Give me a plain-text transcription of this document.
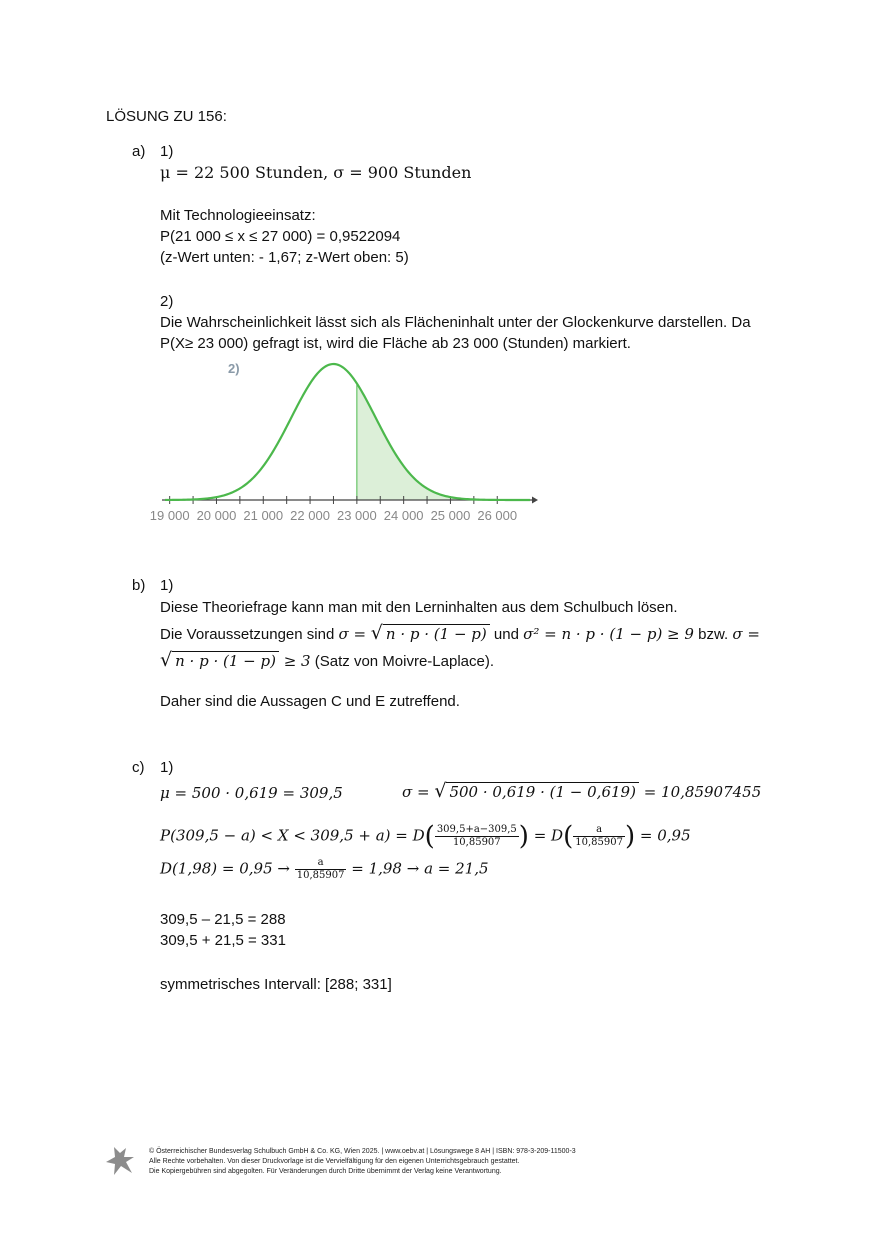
LÖSUNG ZU 156:
a) 1)
μ = 22 500 Stunden, σ = 900 Stunden
Mit Technologieeinsatz:
P(21 000 ≤ x ≤ 27 000) = 0,9522094
(z-Wert unten: - 1,67; z-Wert oben: 5)
2)
Die Wahrscheinlichkeit lässt sich als Flächeninhalt unter der Glockenkurve darstellen. Da
P(X≥ 23 000) gefragt ist, wird die Fläche ab 23 000 (Stunden) markiert.
2)
19 000 20 000 21 000 22 000 23 000 24 000 25 000 26 000
b) 1)
Diese Theoriefrage kann man mit den Lerninhalten aus dem Schulbuch lösen.
Die Voraussetzungen sind σ = √ n · p · (1 − p) und σ² = n · p · (1 − p) ≥ 9 bzw. σ =
√ n · p · (1 − p) ≥ 3 (Satz von Moivre-Laplace).
Daher sind die Aussagen C und E zutreffend.
c) 1)
μ = 500 · 0,619 = 309,5	σ = √ 500 · 0,619 · (1 − 0,619) = 10,85907455
$P(309,5 - a) < X < 309,5 + a) = D( \frac{309,5+a-309,5}{10,85907}$ ) = $D( \frac{a}{10,85907}$ ) = 0,95
$D(1,98) = 0,95 \to \frac{a}{10,85907} = 1,98 \to a = 21,5$
309,5 – 21,5 = 288
309,5 + 21,5 = 331
symmetrisches Intervall: [288; 331]
© Österreichischer Bundesverlag Schulbuch GmbH & Co. KG, Wien 2025. | www.oebv.at | Lösungswege 8 AH | ISBN: 978-3-209-11500-3
Alle Rechte vorbehalten. Von dieser Druckvorlage ist die Vervielfältigung für den eigenen Unterrichtsgebrauch gestattet.
Die Kopiergebühren sind abgegolten. Für Veränderungen durch Dritte übernimmt der Verlag keine Verantwortung.
